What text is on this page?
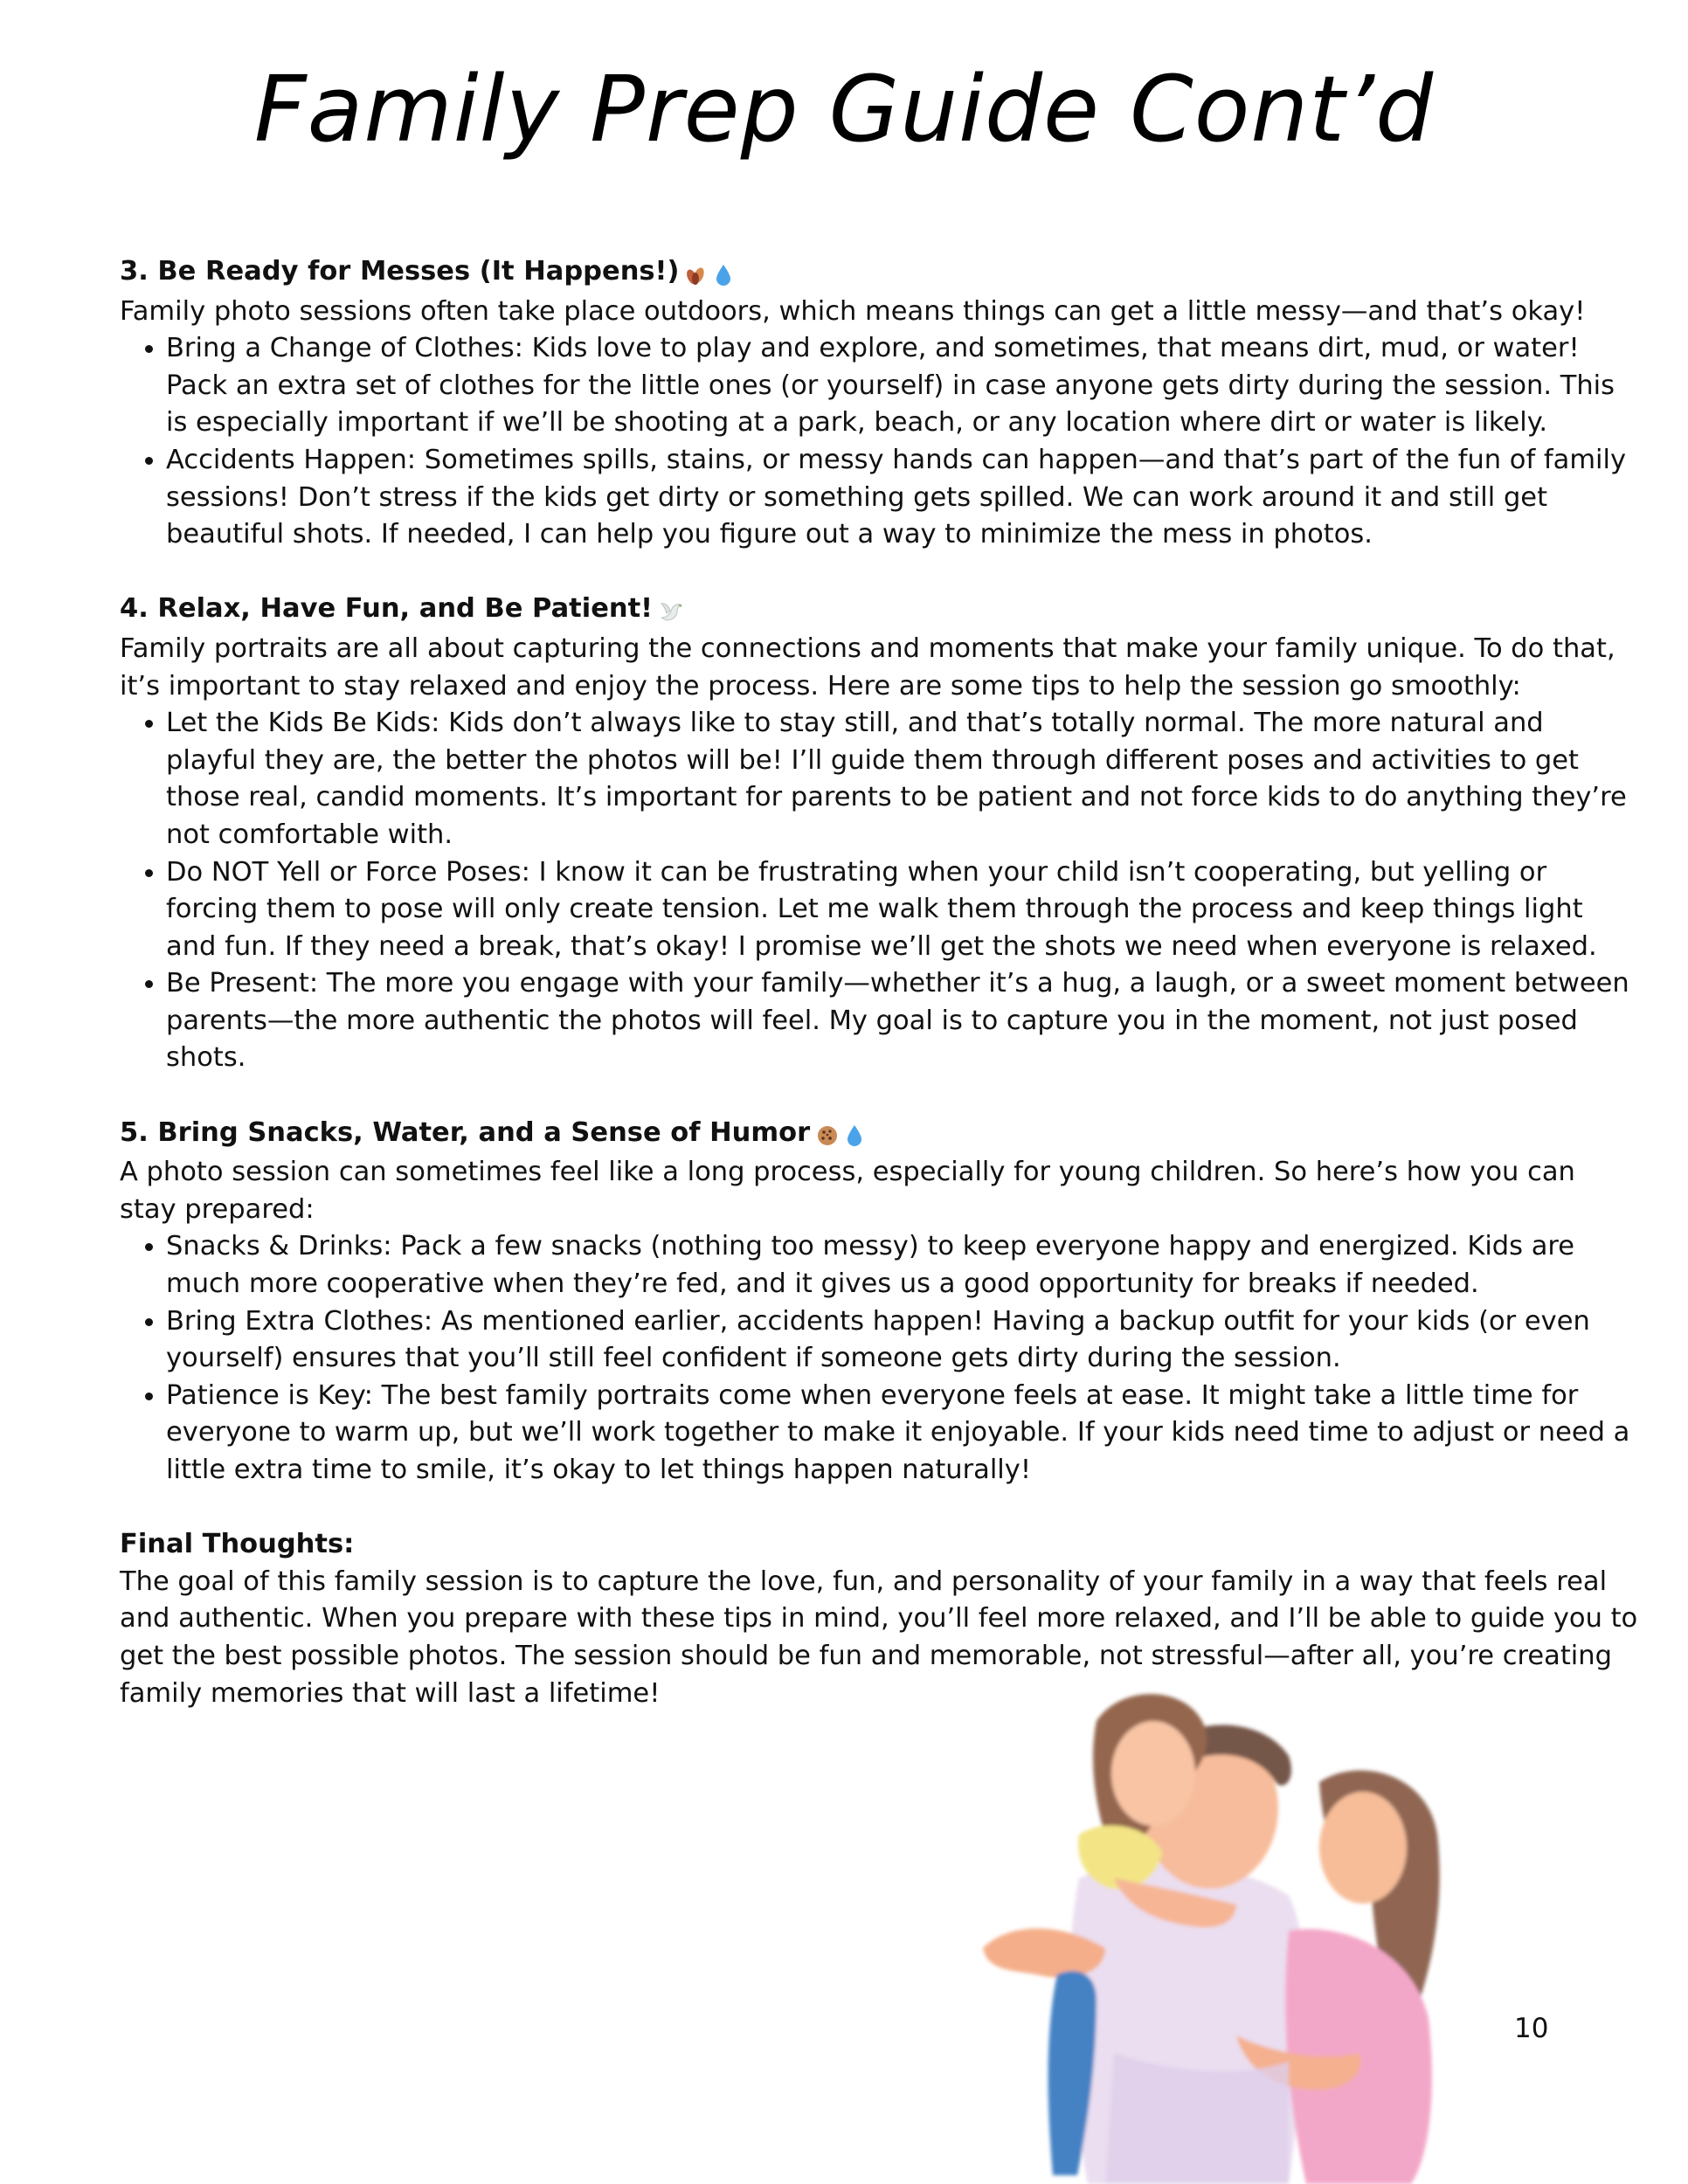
Family Prep Guide Cont’d

3. Be Ready for Messes (It Happens!)

Family photo sessions often take place outdoors, which means things can get a little messy—and that’s okay!

• Bring a Change of Clothes: Kids love to play and explore, and sometimes, that means dirt, mud, or water! Pack an extra set of clothes for the little ones (or yourself) in case anyone gets dirty during the session. This is especially important if we’ll be shooting at a park, beach, or any location where dirt or water is likely.
• Accidents Happen: Sometimes spills, stains, or messy hands can happen—and that’s part of the fun of family sessions! Don’t stress if the kids get dirty or something gets spilled. We can work around it and still get beautiful shots. If needed, I can help you figure out a way to minimize the mess in photos.

4. Relax, Have Fun, and Be Patient!

Family portraits are all about capturing the connections and moments that make your family unique. To do that, it’s important to stay relaxed and enjoy the process. Here are some tips to help the session go smoothly:

• Let the Kids Be Kids: Kids don’t always like to stay still, and that’s totally normal. The more natural and playful they are, the better the photos will be! I’ll guide them through different poses and activities to get those real, candid moments. It’s important for parents to be patient and not force kids to do anything they’re not comfortable with.
• Do NOT Yell or Force Poses: I know it can be frustrating when your child isn’t cooperating, but yelling or forcing them to pose will only create tension. Let me walk them through the process and keep things light and fun. If they need a break, that’s okay! I promise we’ll get the shots we need when everyone is relaxed.
• Be Present: The more you engage with your family—whether it’s a hug, a laugh, or a sweet moment between parents—the more authentic the photos will feel. My goal is to capture you in the moment, not just posed shots.

5. Bring Snacks, Water, and a Sense of Humor

A photo session can sometimes feel like a long process, especially for young children. So here’s how you can stay prepared:

• Snacks & Drinks: Pack a few snacks (nothing too messy) to keep everyone happy and energized. Kids are much more cooperative when they’re fed, and it gives us a good opportunity for breaks if needed.
• Bring Extra Clothes: As mentioned earlier, accidents happen! Having a backup outfit for your kids (or even yourself) ensures that you’ll still feel confident if someone gets dirty during the session.
• Patience is Key: The best family portraits come when everyone feels at ease. It might take a little time for everyone to warm up, but we’ll work together to make it enjoyable. If your kids need time to adjust or need a little extra time to smile, it’s okay to let things happen naturally!

Final Thoughts:

The goal of this family session is to capture the love, fun, and personality of your family in a way that feels real and authentic. When you prepare with these tips in mind, you’ll feel more relaxed, and I’ll be able to guide you to get the best possible photos. The session should be fun and memorable, not stressful—after all, you’re creating family memories that will last a lifetime!

10
